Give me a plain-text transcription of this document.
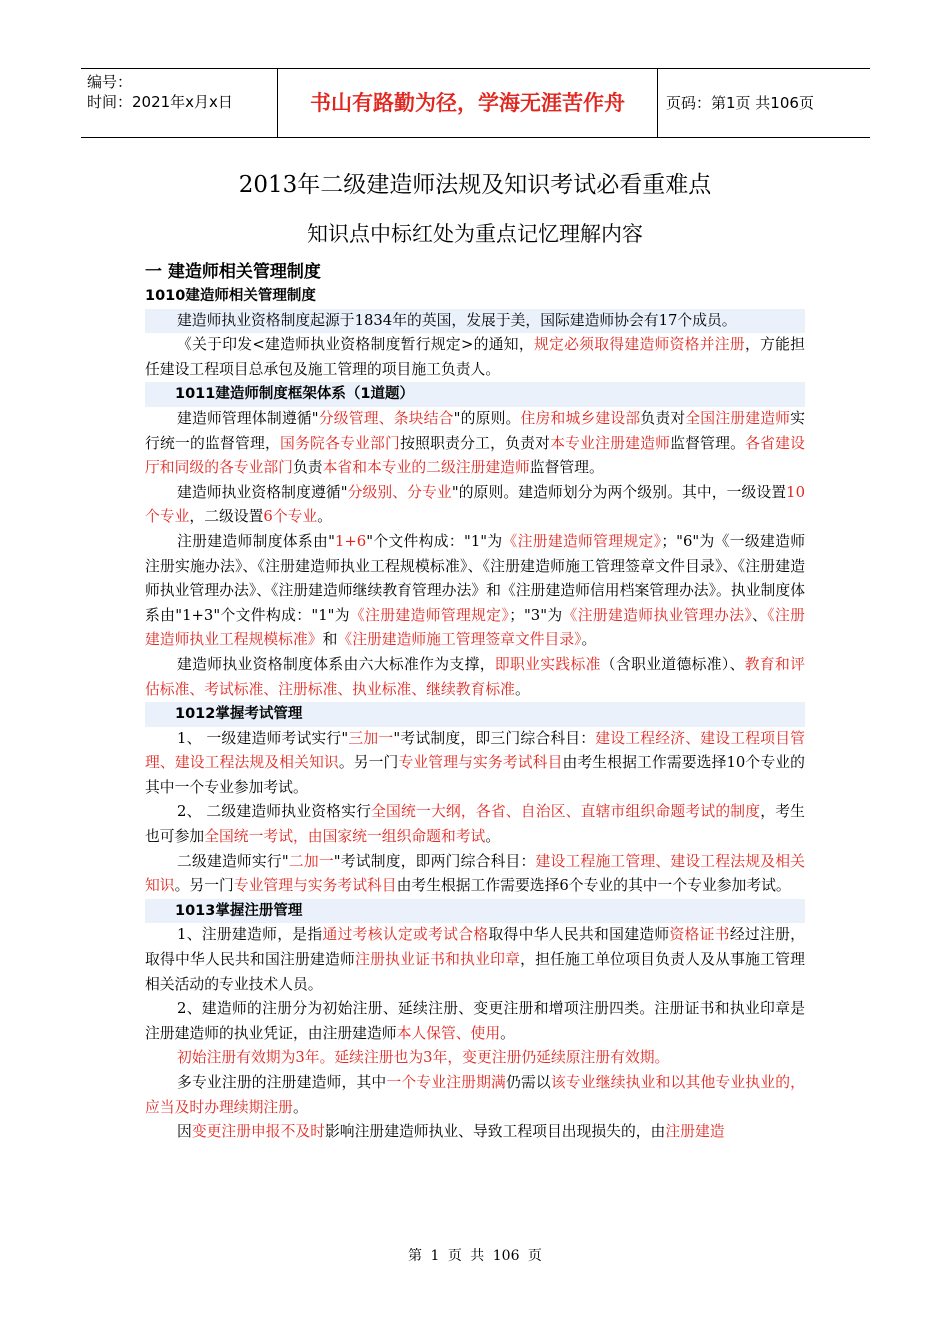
编号：
时间：2021年x月x日	书山有路勤为径，学海无涯苦作舟	页码：第1页 共106页
2013年二级建造师法规及知识考试必看重难点
知识点中标红处为重点记忆理解内容
一 建造师相关管理制度
1010建造师相关管理制度
建造师执业资格制度起源于1834年的英国，发展于美，国际建造师协会有17个成员。
《关于印发<建造师执业资格制度暂行规定>的通知，规定必须取得建造师资格并注册，方能担任建设工程项目总承包及施工管理的项目施工负责人。
1011建造师制度框架体系（1道题）
建造师管理体制遵循"分级管理、条块结合"的原则。住房和城乡建设部负责对全国注册建造师实行统一的监督管理，国务院各专业部门按照职责分工，负责对本专业注册建造师监督管理。各省建设厅和同级的各专业部门负责本省和本专业的二级注册建造师监督管理。
建造师执业资格制度遵循"分级别、分专业"的原则。建造师划分为两个级别。其中，一级设置10个专业，二级设置6个专业。
注册建造师制度体系由"1+6"个文件构成："1"为《注册建造师管理规定》；"6"为《一级建造师注册实施办法》、《注册建造师执业工程规模标准》、《注册建造师施工管理签章文件目录》、《注册建造师执业管理办法》、《注册建造师继续教育管理办法》和《注册建造师信用档案管理办法》。执业制度体系由"1+3"个文件构成："1"为《注册建造师管理规定》；"3"为《注册建造师执业管理办法》、《注册建造师执业工程规模标准》和《注册建造师施工管理签章文件目录》。
建造师执业资格制度体系由六大标准作为支撑，即职业实践标准（含职业道德标准）、教育和评估标准、考试标准、注册标准、执业标准、继续教育标准。
1012掌握考试管理
1、 一级建造师考试实行"三加一"考试制度，即三门综合科目：建设工程经济、建设工程项目管理、建设工程法规及相关知识。另一门专业管理与实务考试科目由考生根据工作需要选择10个专业的其中一个专业参加考试。
2、 二级建造师执业资格实行全国统一大纲，各省、自治区、直辖市组织命题考试的制度，考生也可参加全国统一考试，由国家统一组织命题和考试。
二级建造师实行"二加一"考试制度，即两门综合科目：建设工程施工管理、建设工程法规及相关知识。另一门专业管理与实务考试科目由考生根据工作需要选择6个专业的其中一个专业参加考试。
1013掌握注册管理
1、注册建造师，是指通过考核认定或考试合格取得中华人民共和国建造师资格证书经过注册，取得中华人民共和国注册建造师注册执业证书和执业印章，担任施工单位项目负责人及从事施工管理相关活动的专业技术人员。
2、建造师的注册分为初始注册、延续注册、变更注册和增项注册四类。注册证书和执业印章是注册建造师的执业凭证，由注册建造师本人保管、使用。
初始注册有效期为3年。延续注册也为3年，变更注册仍延续原注册有效期。
多专业注册的注册建造师，其中一个专业注册期满仍需以该专业继续执业和以其他专业执业的，应当及时办理续期注册。
因变更注册申报不及时影响注册建造师执业、导致工程项目出现损失的，由注册建造
第 1 页 共 106 页
